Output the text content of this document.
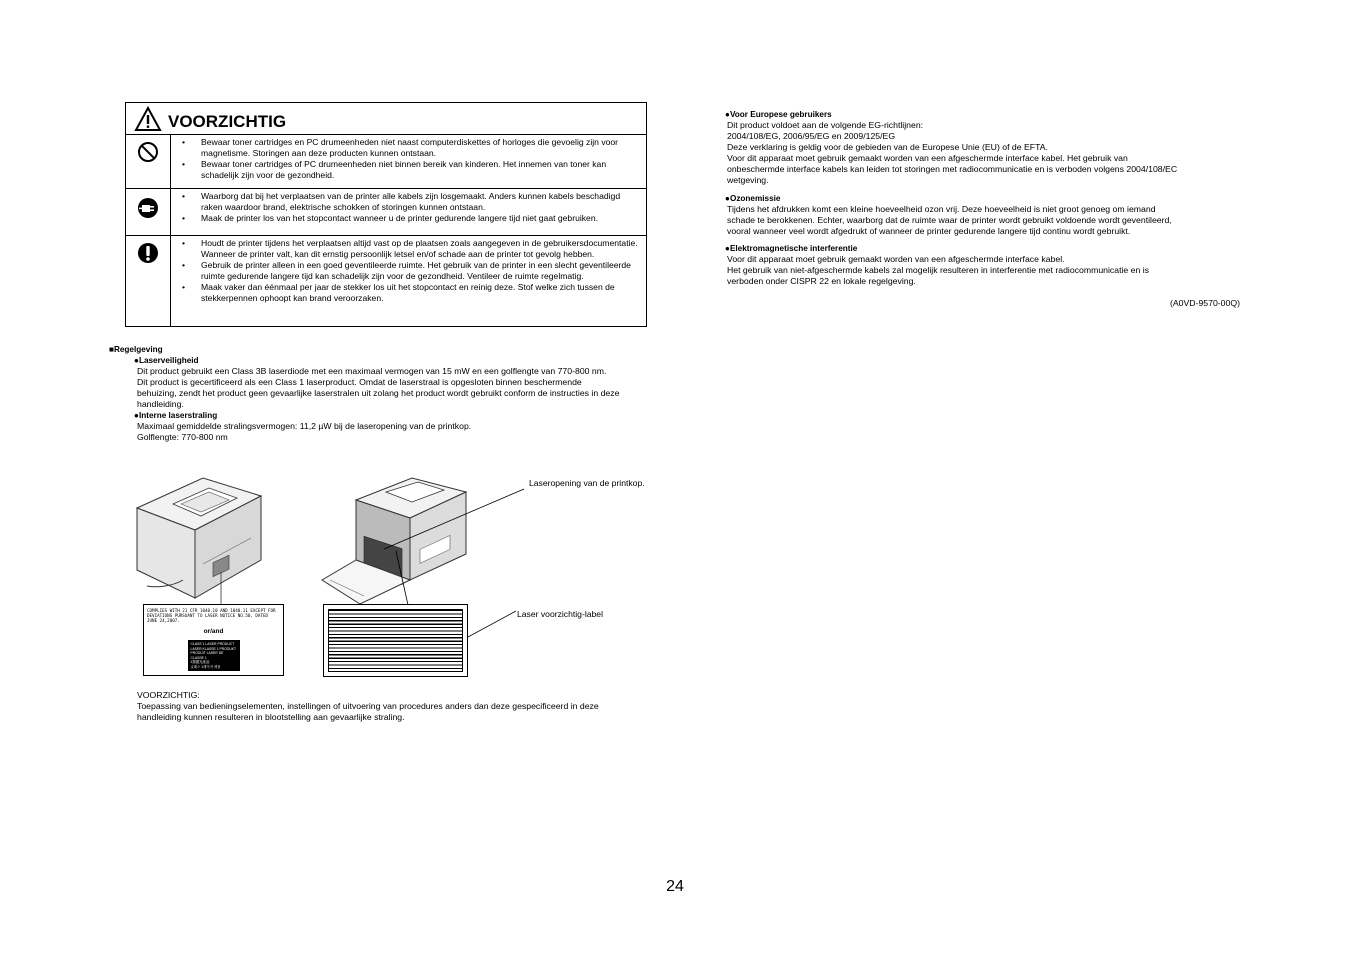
VOORZICHTIG
• Bewaar toner cartridges en PC drumeenheden niet naast computerdiskettes of horloges die gevoelig zijn voor magnetisme. Storingen aan deze producten kunnen ontstaan.
• Bewaar toner cartridges of PC drumeenheden niet binnen bereik van kinderen. Het innemen van toner kan schadelijk zijn voor de gezondheid.
• Waarborg dat bij het verplaatsen van de printer alle kabels zijn losgemaakt. Anders kunnen kabels beschadigd raken waardoor brand, elektrische schokken of storingen kunnen ontstaan.
• Maak de printer los van het stopcontact wanneer u de printer gedurende langere tijd niet gaat gebruiken.
• Houdt de printer tijdens het verplaatsen altijd vast op de plaatsen zoals aangegeven in de gebruikersdocumentatie. Wanneer de printer valt, kan dit ernstig persoonlijk letsel en/of schade aan de printer tot gevolg hebben.
• Gebruik de printer alleen in een goed geventileerde ruimte. Het gebruik van de printer in een slecht geventileerde ruimte gedurende langere tijd kan schadelijk zijn voor de gezondheid. Ventileer de ruimte regelmatig.
• Maak vaker dan éénmaal per jaar de stekker los uit het stopcontact en reinig deze. Stof welke zich tussen de stekkerpennen ophoopt kan brand veroorzaken.
■Regelgeving
●Laserveiligheid
Dit product gebruikt een Class 3B laserdiode met een maximaal vermogen van 15 mW en een golflengte van 770-800 nm.
Dit product is gecertificeerd als een Class 1 laserproduct. Omdat de laserstraal is opgesloten binnen beschermende
behuizing, zendt het product geen gevaarlijke laserstralen uit zolang het product wordt gebruikt conform de instructies in deze
handleiding.
●Interne laserstraling
Maximaal gemiddelde stralingsvermogen: 11,2 µW bij de laseropening van de printkop.
Golflengte: 770-800 nm
COMPLIES WITH 21 CFR 1040.10 AND 1040.11 EXCEPT FOR
DEVIATIONS PURSUANT TO LASER NOTICE NO.50, DATED JUNE 24,2007.
or/and
CLASS 1 LASER PRODUCT
LASER KLASSE 1 PRODUKT
PRODUIT LASER DE CLASSE 1
1類激光產品
클래스 1레이저 제품
Laseropening van de printkop.
Laser voorzichtig-label
VOORZICHTIG:
Toepassing van bedieningselementen, instellingen of uitvoering van procedures anders dan deze gespecificeerd in deze
handleiding kunnen resulteren in blootstelling aan gevaarlijke straling.
●Voor Europese gebruikers
Dit product voldoet aan de volgende EG-richtlijnen:
2004/108/EG, 2006/95/EG en 2009/125/EG
Deze verklaring is geldig voor de gebieden van de Europese Unie (EU) of de EFTA.
Voor dit apparaat moet gebruik gemaakt worden van een afgeschermde interface kabel. Het gebruik van
onbeschermde interface kabels kan leiden tot storingen met radiocommunicatie en is verboden volgens 2004/108/EC
wetgeving.
●Ozonemissie
Tijdens het afdrukken komt een kleine hoeveelheid ozon vrij. Deze hoeveelheid is niet groot genoeg om iemand
schade te berokkenen. Echter, waarborg dat de ruimte waar de printer wordt gebruikt voldoende wordt geventileerd,
vooral wanneer veel wordt afgedrukt of wanneer de printer gedurende langere tijd continu wordt gebruikt.
●Elektromagnetische interferentie
Voor dit apparaat moet gebruik gemaakt worden van een afgeschermde interface kabel.
Het gebruik van niet-afgeschermde kabels zal mogelijk resulteren in interferentie met radiocommunicatie en is
verboden onder CISPR 22 en lokale regelgeving.
(A0VD-9570-00Q)
24
